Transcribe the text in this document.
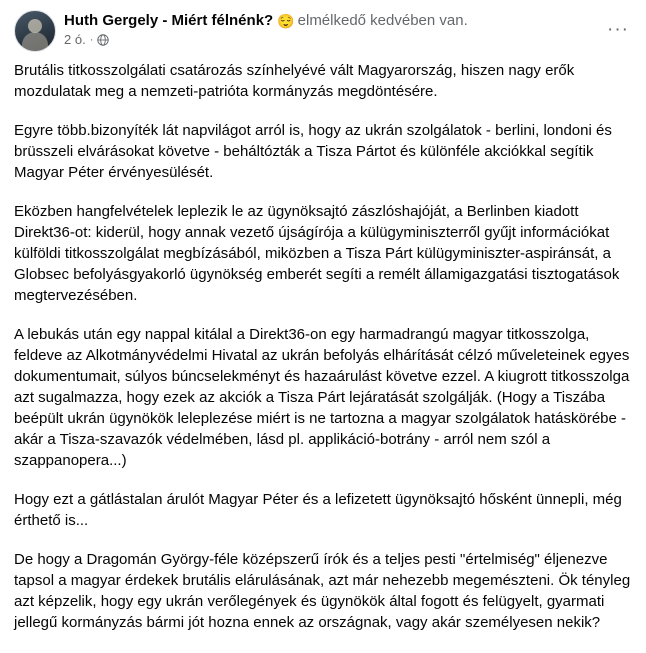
Huth Gergely - Miért félnénk? 😌 elmélkedő kedvében van.
2 ó. ·	···

Brutális titkosszolgálati csatározás színhelyévé vált Magyarország, hiszen nagy erők mozdulatak meg a nemzeti-patrióta kormányzás megdöntésére.

Egyre több.bizonyíték lát napvilágot arról is, hogy az ukrán szolgálatok - berlini, londoni és brüsszeli elvárásokat követve - beháltózták a Tisza Pártot és különféle akciókkal segítik Magyar Péter érvényesülését.

Eközben hangfelvételek leplezik le az ügynöksajtó zászlóshajóját, a Berlinben kiadott Direkt36-ot: kiderül, hogy annak vezető újságírója a külügyminiszterről gyűjt információkat külföldi titkosszolgálat megbízásából, miközben a Tisza Párt külügyminiszter-aspiránsát, a Globsec befolyásgyakorló ügynökség emberét segíti a remélt államigazgatási tisztogatások megtervezésében.

A lebukás után egy nappal kitálal a Direkt36-on egy harmadrangú magyar titkosszolga, feldeve az Alkotmányvédelmi Hivatal az ukrán befolyás elhárítását célzó műveleteinek egyes dokumentumait, súlyos búncselekményt és hazaárulást követve ezzel. A kiugrott titkosszolga azt sugalmazza, hogy ezek az akciók a Tisza Párt lejáratását szolgálják. (Hogy a Tiszába beépült ukrán ügynökök leleplezése miért is ne tartozna a magyar szolgálatok hatáskörébe - akár a Tisza-szavazók védelmében, lásd pl. applikáció-botrány - arról nem szól a szappanopera...)

Hogy ezt a gátlástalan árulót Magyar Péter és a lefizetett ügynöksajtó hősként ünnepli, még érthető is...

De hogy a Dragomán György-féle középszerű írók és a teljes pesti "értelmiség" éljenezve tapsol a magyar érdekek brutális elárulásának, azt már nehezebb megemészteni. Ök tényleg azt képzelik, hogy egy ukrán verőlegények és ügynökök által fogott és felügyelt, gyarmati jellegű kormányzás bármi jót hozna ennek az országnak, vagy akár személyesen nekik?
